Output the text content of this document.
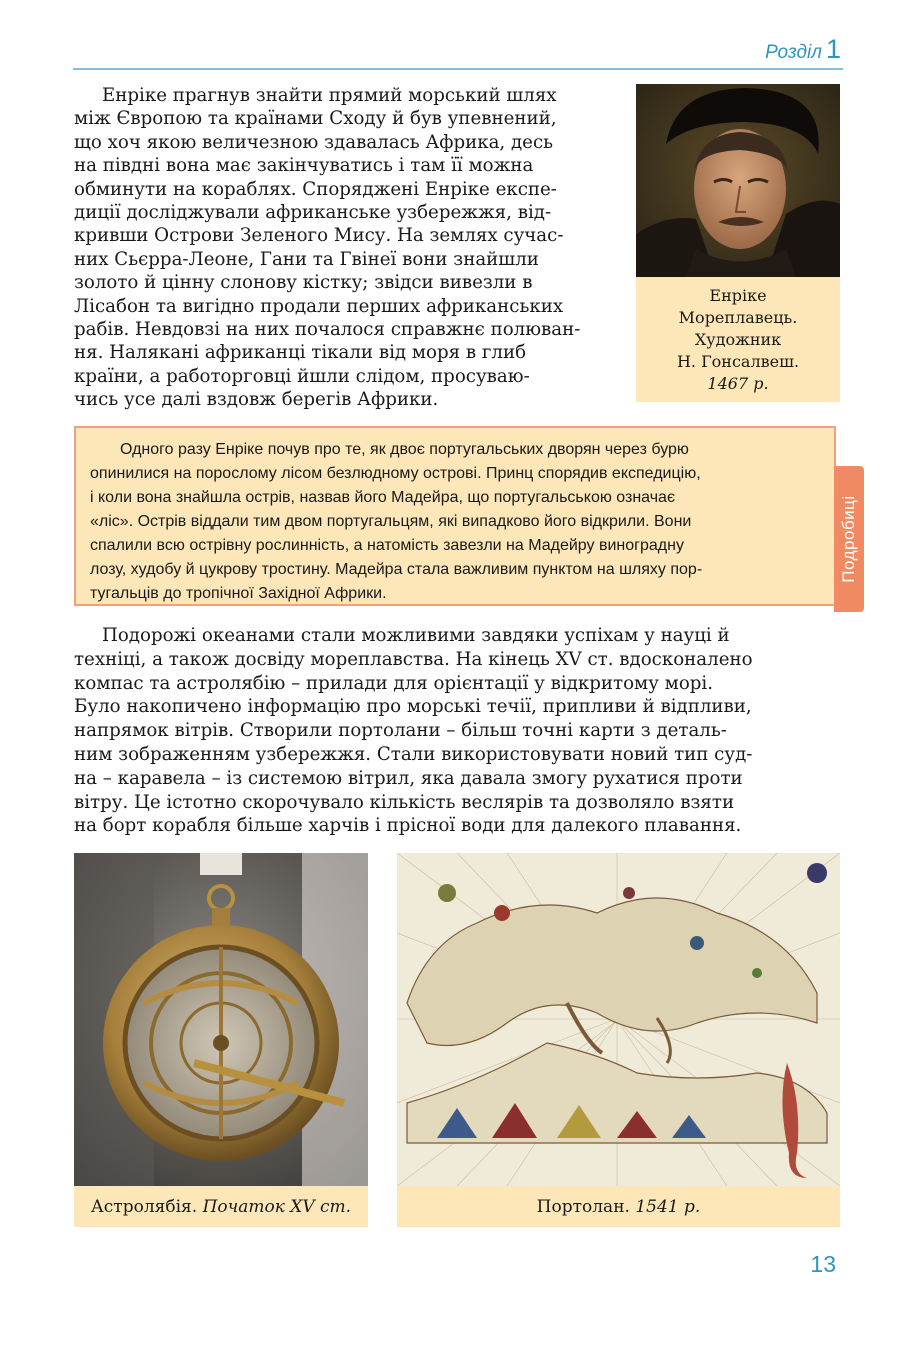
Розділ 1
Енріке прагнув знайти прямий морський шлях
між Європою та країнами Сходу й був упевнений,
що хоч якою величезною здавалась Африка, десь
на півдні вона має закінчуватись і там її можна
обминути на кораблях. Споряджені Енріке експе-
диції досліджували африканське узбережжя, від-
кривши Острови Зеленого Мису. На землях сучас-
них Сьєрра-Леоне, Гани та Гвінеї вони знайшли
золото й цінну слонову кістку; звідси вивезли в
Лісабон та вигідно продали перших африканських
рабів. Невдовзі на них почалося справжнє полюван-
ня. Налякані африканці тікали від моря в глиб
країни, а работорговці йшли слідом, просуваю-
чись усе далі вздовж берегів Африки.
Енріке
Мореплавець.
Художник
Н. Гонсалвеш.
1467 р.
Одного разу Енріке почув про те, як двоє португальських дворян через бурю
опинилися на порослому лісом безлюдному острові. Принц спорядив експедицію,
і коли вона знайшла острів, назвав його Мадейра, що португальською означає
«ліс». Острів віддали тим двом португальцям, які випадково його відкрили. Вони
спалили всю острівну рослинність, а натомість завезли на Мадейру виноградну
лозу, худобу й цукрову тростину. Мадейра стала важливим пунктом на шляху пор-
тугальців до тропічної Західної Африки.
Подробиці
Подорожі океанами стали можливими завдяки успіхам у науці й
техніці, а також досвіду мореплавства. На кінець XV ст. вдосконалено
компас та астролябію – прилади для орієнтації у відкритому морі.
Було накопичено інформацію про морські течії, припливи й відпливи,
напрямок вітрів. Створили портолани – більш точні карти з деталь-
ним зображенням узбережжя. Стали використовувати новий тип суд-
на – каравела – із системою вітрил, яка давала змогу рухатися проти
вітру. Це істотно скорочувало кількість веслярів та дозволяло взяти
на борт корабля більше харчів і прісної води для далекого плавання.
Астролябія. Початок XV ст.	Портолан. 1541 р.
13
